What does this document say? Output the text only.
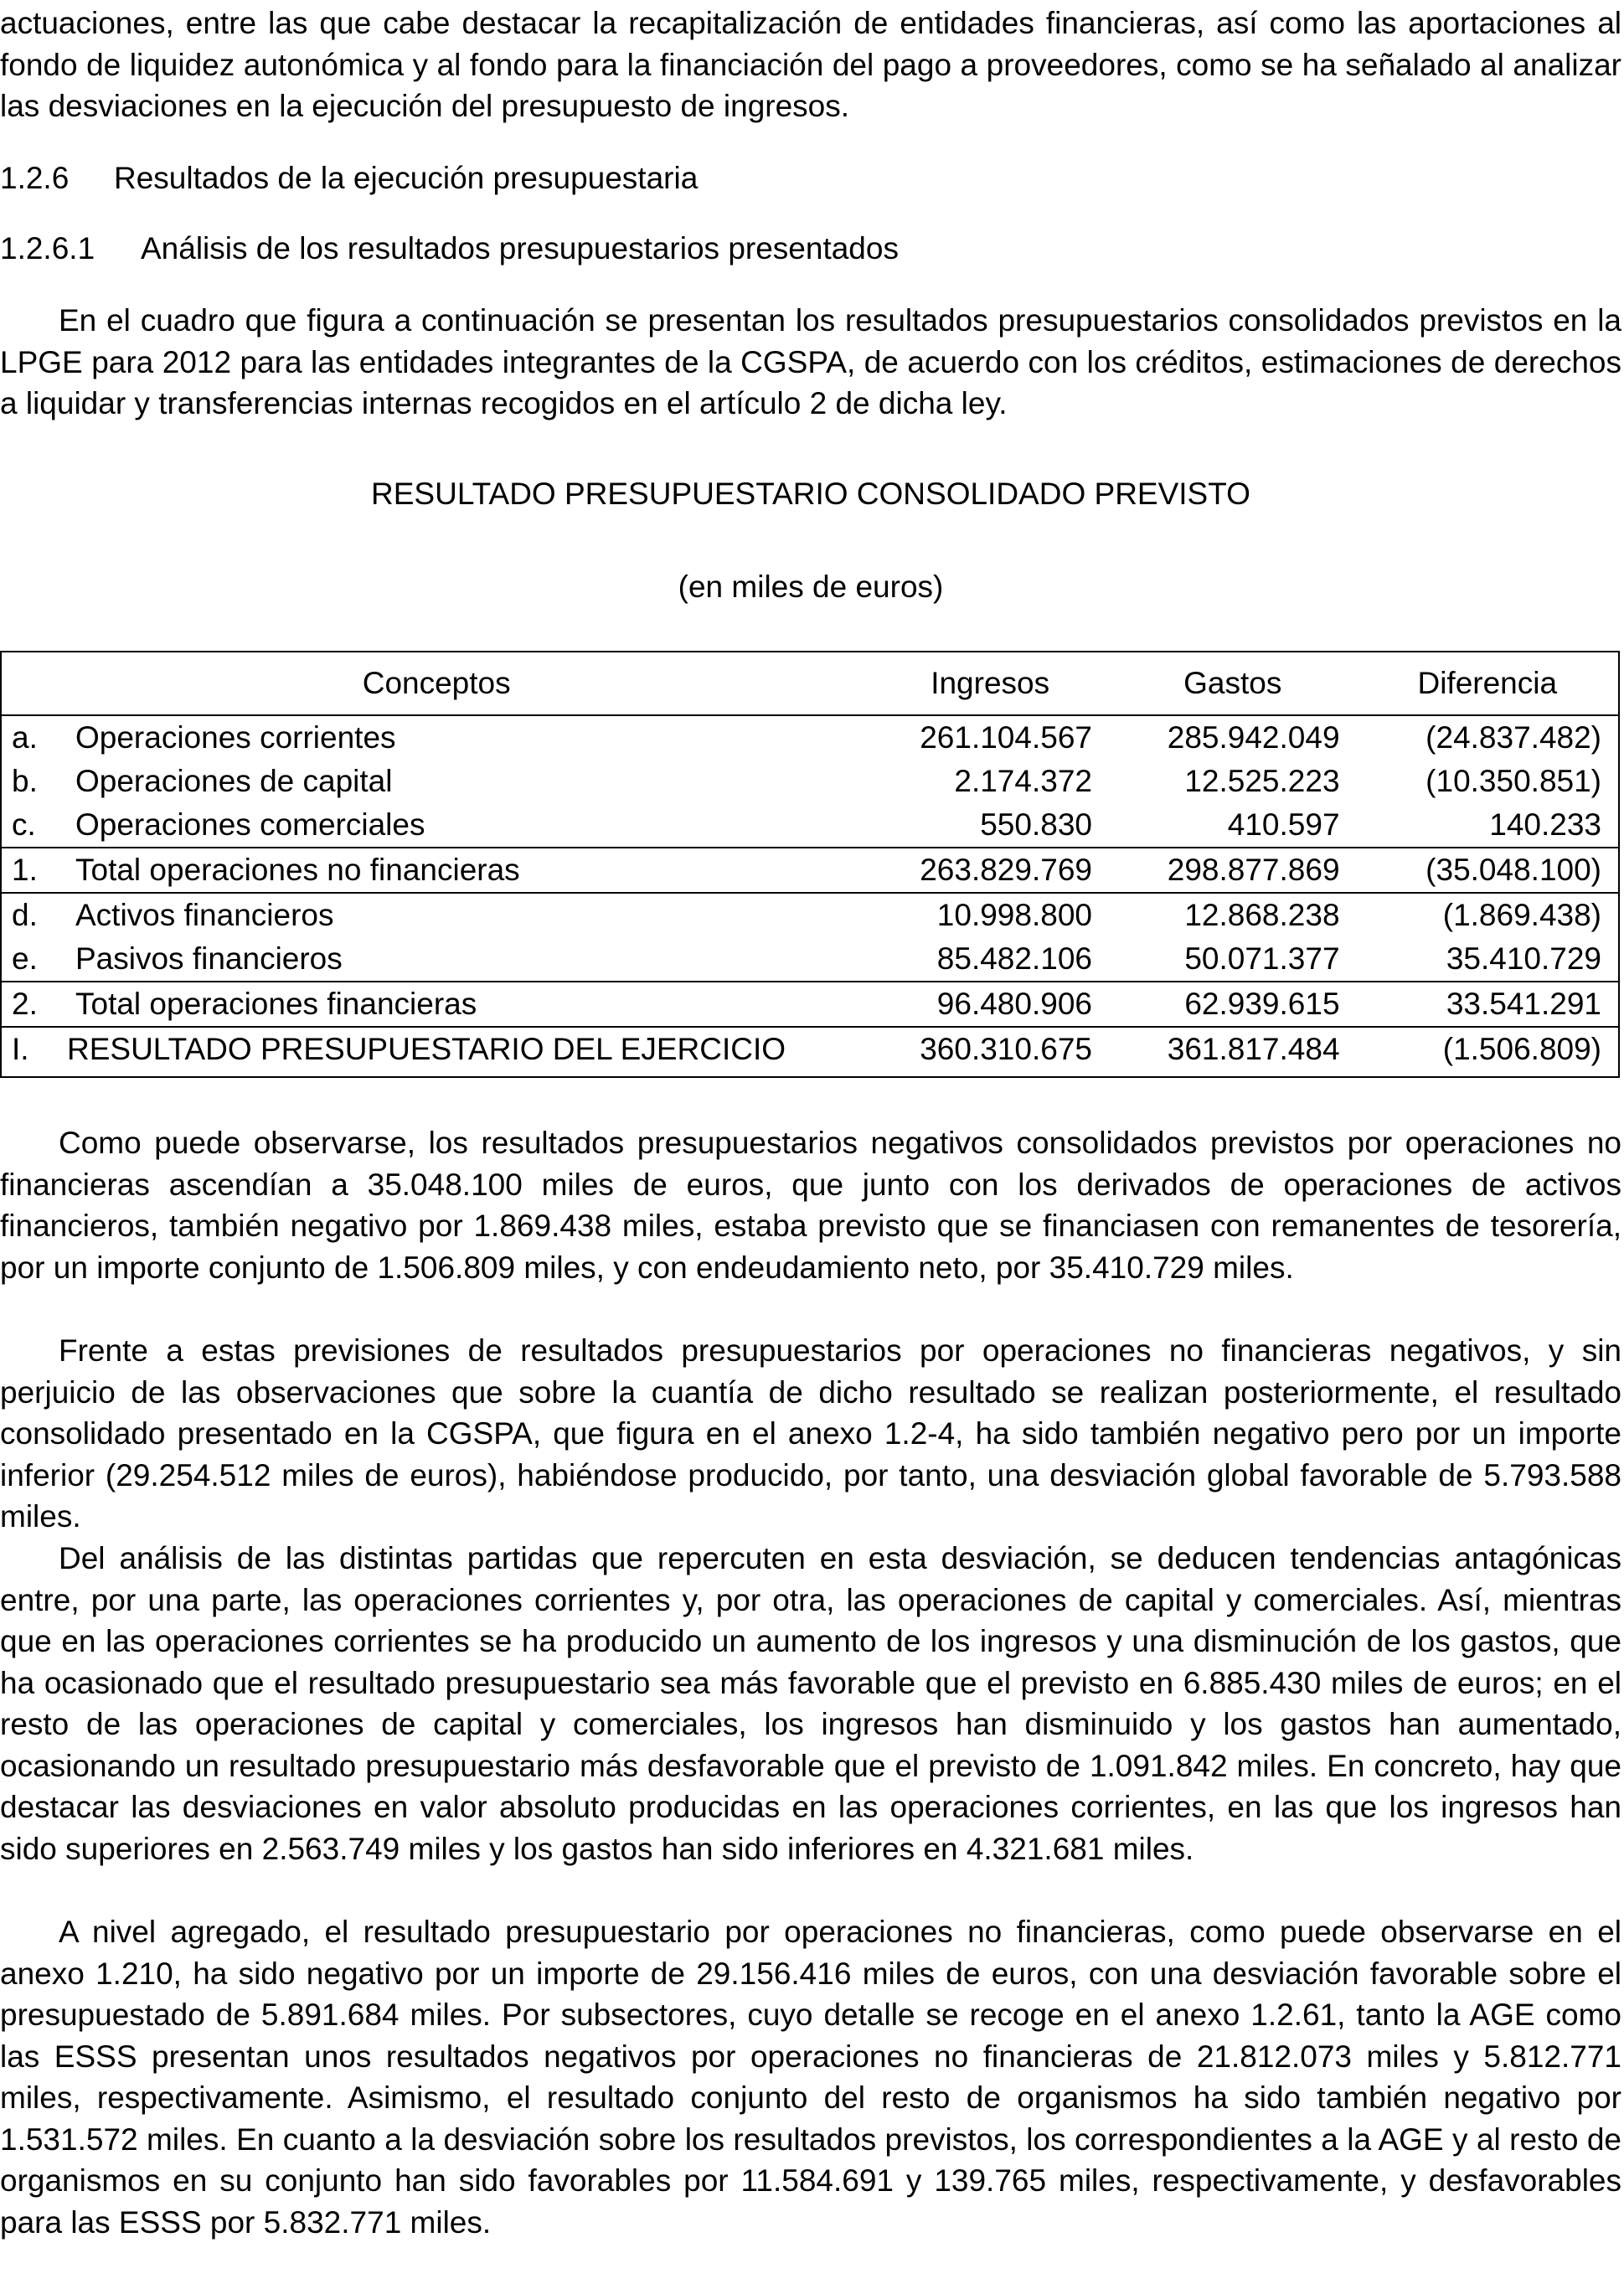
actuaciones, entre las que cabe destacar la recapitalización de entidades financieras, así como las aportaciones al fondo de liquidez autonómica y al fondo para la financiación del pago a proveedores, como se ha señalado al analizar las desviaciones en la ejecución del presupuesto de ingresos.

1.2.6 Resultados de la ejecución presupuestaria

1.2.6.1 Análisis de los resultados presupuestarios presentados

En el cuadro que figura a continuación se presentan los resultados presupuestarios consolidados previstos en la LPGE para 2012 para las entidades integrantes de la CGSPA, de acuerdo con los créditos, estimaciones de derechos a liquidar y transferencias internas recogidos en el artículo 2 de dicha ley.

RESULTADO PRESUPUESTARIO CONSOLIDADO PREVISTO

(en miles de euros)

Conceptos	Ingresos	Gastos	Diferencia
a. Operaciones corrientes	261.104.567	285.942.049	(24.837.482)
b. Operaciones de capital	2.174.372	12.525.223	(10.350.851)
c. Operaciones comerciales	550.830	410.597	140.233
1. Total operaciones no financieras	263.829.769	298.877.869	(35.048.100)
d. Activos financieros	10.998.800	12.868.238	(1.869.438)
e. Pasivos financieros	85.482.106	50.071.377	35.410.729
2. Total operaciones financieras	96.480.906	62.939.615	33.541.291
I. RESULTADO PRESUPUESTARIO DEL EJERCICIO	360.310.675	361.817.484	(1.506.809)

Como puede observarse, los resultados presupuestarios negativos consolidados previstos por operaciones no financieras ascendían a 35.048.100 miles de euros, que junto con los derivados de operaciones de activos financieros, también negativo por 1.869.438 miles, estaba previsto que se financiasen con remanentes de tesorería, por un importe conjunto de 1.506.809 miles, y con endeudamiento neto, por 35.410.729 miles.

Frente a estas previsiones de resultados presupuestarios por operaciones no financieras negativos, y sin perjuicio de las observaciones que sobre la cuantía de dicho resultado se realizan posteriormente, el resultado consolidado presentado en la CGSPA, que figura en el anexo 1.2-4, ha sido también negativo pero por un importe inferior (29.254.512 miles de euros), habiéndose producido, por tanto, una desviación global favorable de 5.793.588 miles.

Del análisis de las distintas partidas que repercuten en esta desviación, se deducen tendencias antagónicas entre, por una parte, las operaciones corrientes y, por otra, las operaciones de capital y comerciales. Así, mientras que en las operaciones corrientes se ha producido un aumento de los ingresos y una disminución de los gastos, que ha ocasionado que el resultado presupuestario sea más favorable que el previsto en 6.885.430 miles de euros; en el resto de las operaciones de capital y comerciales, los ingresos han disminuido y los gastos han aumentado, ocasionando un resultado presupuestario más desfavorable que el previsto de 1.091.842 miles. En concreto, hay que destacar las desviaciones en valor absoluto producidas en las operaciones corrientes, en las que los ingresos han sido superiores en 2.563.749 miles y los gastos han sido inferiores en 4.321.681 miles.

A nivel agregado, el resultado presupuestario por operaciones no financieras, como puede observarse en el anexo 1.210, ha sido negativo por un importe de 29.156.416 miles de euros, con una desviación favorable sobre el presupuestado de 5.891.684 miles. Por subsectores, cuyo detalle se recoge en el anexo 1.2.61, tanto la AGE como las ESSS presentan unos resultados negativos por operaciones no financieras de 21.812.073 miles y 5.812.771 miles, respectivamente. Asimismo, el resultado conjunto del resto de organismos ha sido también negativo por 1.531.572 miles. En cuanto a la desviación sobre los resultados previstos, los correspondientes a la AGE y al resto de organismos en su conjunto han sido favorables por 11.584.691 y 139.765 miles, respectivamente, y desfavorables para las ESSS por 5.832.771 miles.
